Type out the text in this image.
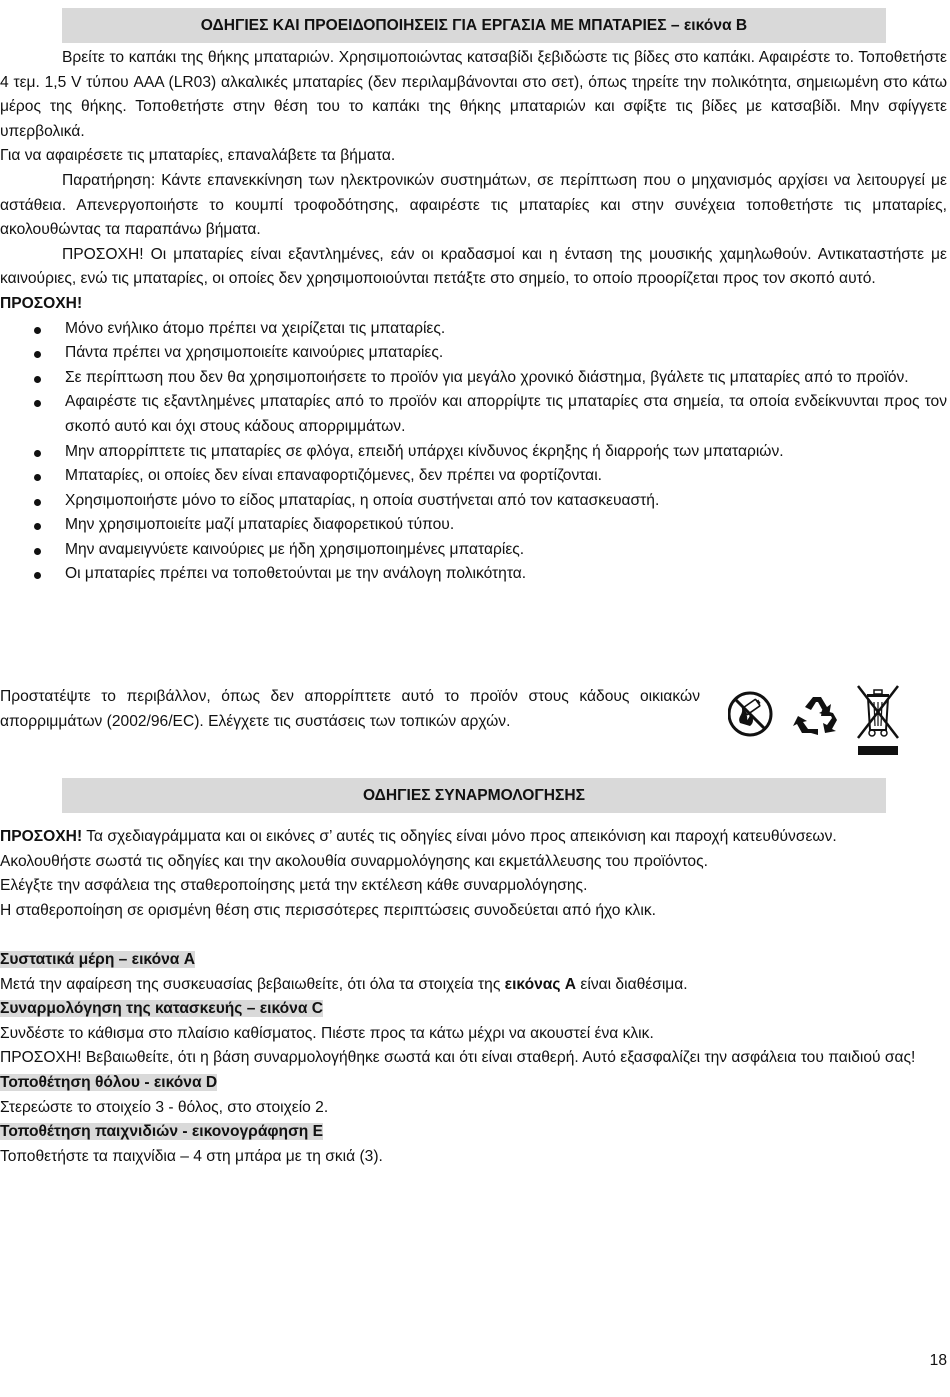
ΟΔΗΓΙΕΣ ΚΑΙ ΠΡΟΕΙΔΟΠΟΙΗΣΕΙΣ ΓΙΑ ΕΡΓΑΣΙΑ ΜΕ ΜΠΑΤΑΡΙΕΣ – εικόνα B

Βρείτε το καπάκι της θήκης μπαταριών. Χρησιμοποιώντας κατσαβίδι ξεβιδώστε τις βίδες στο καπάκι. Αφαιρέστε το. Τοποθετήστε 4 τεμ. 1,5 V τύπου AAA (LR03) αλκαλικές μπαταρίες (δεν περιλαμβάνονται στο σετ), όπως τηρείτε την πολικότητα, σημειωμένη στο κάτω μέρος της θήκης. Τοποθετήστε στην θέση του το καπάκι της θήκης μπαταριών και σφίξτε τις βίδες με κατσαβίδι. Μην σφίγγετε υπερβολικά.

Για να αφαιρέσετε τις μπαταρίες, επαναλάβετε τα βήματα.

Παρατήρηση: Κάντε επανεκκίνηση των ηλεκτρονικών συστημάτων, σε περίπτωση που ο μηχανισμός αρχίσει να λειτουργεί με αστάθεια. Απενεργοποιήστε το κουμπί τροφοδότησης, αφαιρέστε τις μπαταρίες και στην συνέχεια τοποθετήστε τις μπαταρίες, ακολουθώντας τα παραπάνω βήματα.

ΠΡΟΣΟΧΗ! Οι μπαταρίες είναι εξαντλημένες, εάν οι κραδασμοί και η ένταση της μουσικής χαμηλωθούν. Αντικαταστήστε με καινούριες, ενώ τις μπαταρίες, οι οποίες δεν χρησιμοποιούνται πετάξτε στο σημείο, το οποίο προορίζεται προς τον σκοπό αυτό.

ΠΡΟΣΟΧΗ!

Μόνο ενήλικο άτομο πρέπει να χειρίζεται τις μπαταρίες.
Πάντα πρέπει να χρησιμοποιείτε καινούριες μπαταρίες.
Σε περίπτωση που δεν θα χρησιμοποιήσετε το προϊόν για μεγάλο χρονικό διάστημα, βγάλετε τις μπαταρίες από το προϊόν.
Αφαιρέστε τις εξαντλημένες μπαταρίες από το προϊόν και απορρίψτε τις μπαταρίες στα σημεία, τα οποία ενδείκνυνται προς τον σκοπό αυτό και όχι στους κάδους απορριμμάτων.
Μην απορρίπτετε τις μπαταρίες σε φλόγα, επειδή υπάρχει κίνδυνος έκρηξης ή διαρροής των μπαταριών.
Μπαταρίες, οι οποίες δεν είναι επαναφορτιζόμενες, δεν πρέπει να φορτίζονται.
Χρησιμοποιήστε μόνο το είδος μπαταρίας, η οποία συστήνεται από τον κατασκευαστή.
Μην χρησιμοποιείτε μαζί μπαταρίες διαφορετικού τύπου.
Μην αναμειγνύετε καινούριες με ήδη χρησιμοποιημένες μπαταρίες.
Οι μπαταρίες πρέπει να τοποθετούνται με την ανάλογη πολικότητα.

Προστατέψτε το περιβάλλον, όπως δεν απορρίπτετε αυτό το προϊόν στους κάδους οικιακών απορριμμάτων (2002/96/EC). Ελέγχετε τις συστάσεις των τοπικών αρχών.

ΟΔΗΓΙΕΣ ΣΥΝΑΡΜΟΛΟΓΗΣΗΣ

ΠΡΟΣΟΧΗ! Τα σχεδιαγράμματα και οι εικόνες σ’ αυτές τις οδηγίες είναι μόνο προς απεικόνιση και παροχή κατευθύνσεων.

Ακολουθήστε σωστά τις οδηγίες και την ακολουθία συναρμολόγησης και εκμετάλλευσης του προϊόντος.

Ελέγξτε την ασφάλεια της σταθεροποίησης μετά την εκτέλεση κάθε συναρμολόγησης.

Η σταθεροποίηση σε ορισμένη θέση στις περισσότερες περιπτώσεις συνοδεύεται από ήχο κλικ.

Συστατικά μέρη – εικόνα A

Μετά την αφαίρεση της συσκευασίας βεβαιωθείτε, ότι όλα τα στοιχεία της εικόνας A είναι διαθέσιμα.

Συναρμολόγηση της κατασκευής – εικόνα C

Συνδέστε το κάθισμα στο πλαίσιο καθίσματος. Πιέστε προς τα κάτω μέχρι να ακουστεί ένα κλικ.

ΠΡΟΣΟΧΗ! Βεβαιωθείτε, ότι η βάση συναρμολογήθηκε σωστά και ότι είναι σταθερή. Αυτό εξασφαλίζει την ασφάλεια του παιδιού σας!

Τοποθέτηση θόλου - εικόνα D

Στερεώστε το στοιχείο 3 - θόλος, στο στοιχείο 2.

Τοποθέτηση παιχνιδιών - εικονογράφηση E

Τοποθετήστε τα παιχνίδια – 4 στη μπάρα με τη σκιά (3).

18
